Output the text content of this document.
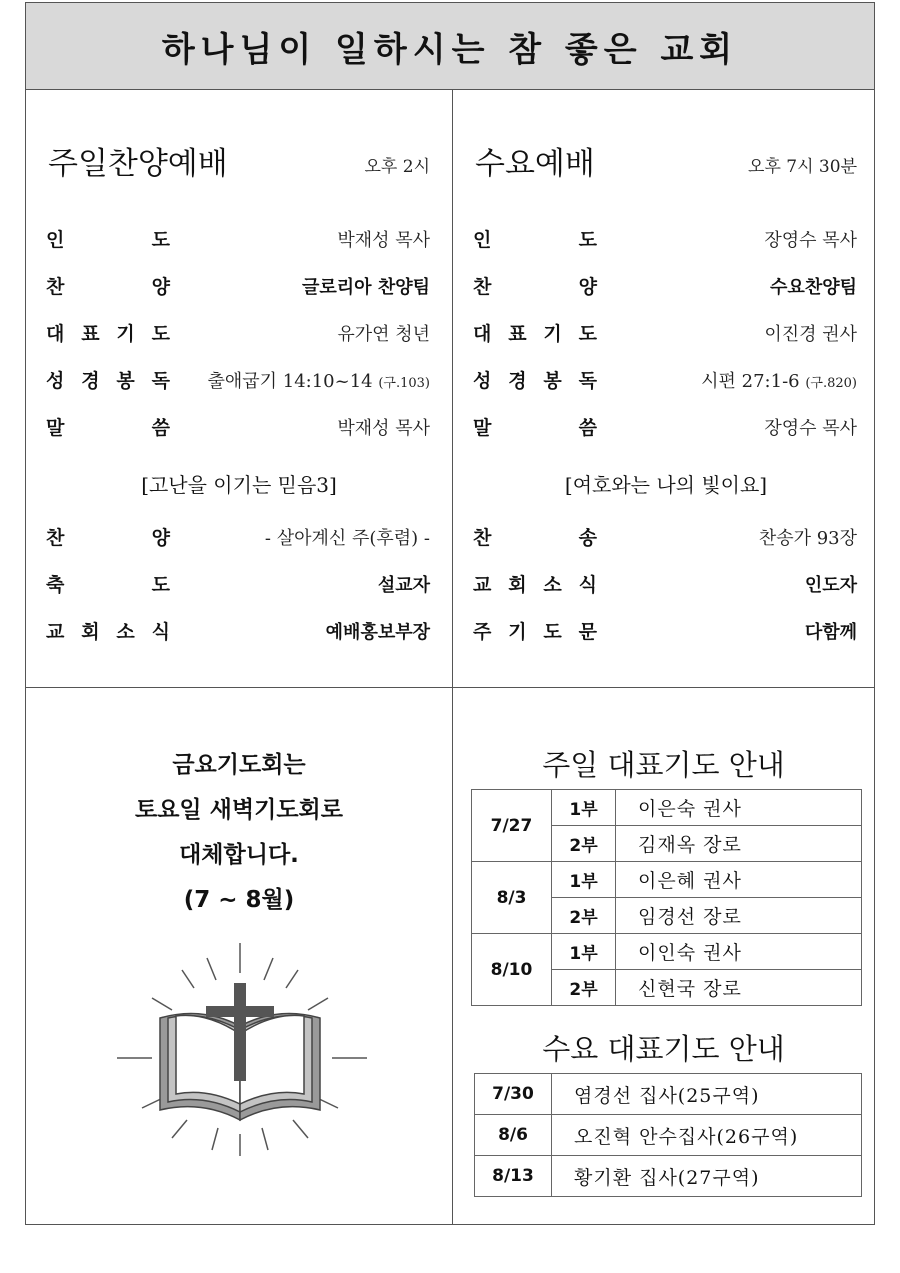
하나님이 일하시는 참 좋은 교회
주일찬양예배	오후 2시
인	도	박재성 목사
찬	양	글로리아 찬양팀
대 표 기 도	유가연 청년
성 경 봉 독 출애굽기 14:10~14 (구.103)
말	씀	박재성 목사
[고난을 이기는 믿음3]
찬	양	- 살아계신 주(후렴) -
축	도	설교자
교 회 소 식	예배홍보부장
수요예배	오후 7시 30분
인	도	장영수 목사
찬	양	수요찬양팀
대 표 기 도	이진경 권사
성 경 봉 독	시편 27:1-6 (구.820)
말	씀	장영수 목사
[여호와는 나의 빛이요]
찬	송	찬송가 93장
교 회 소 식	인도자
주 기 도 문	다함께
금요기도회는
토요일 새벽기도회로
대체합니다.
(7 ~ 8월)
주일 대표기도 안내
7/27	1부	이은숙 권사
	2부	김재옥 장로
8/3	1부	이은혜 권사
	2부	임경선 장로
8/10	1부	이인숙 권사
	2부	신현국 장로
수요 대표기도 안내
7/30	염경선 집사(25구역)
8/6	오진혁 안수집사(26구역)
8/13	황기환 집사(27구역)
